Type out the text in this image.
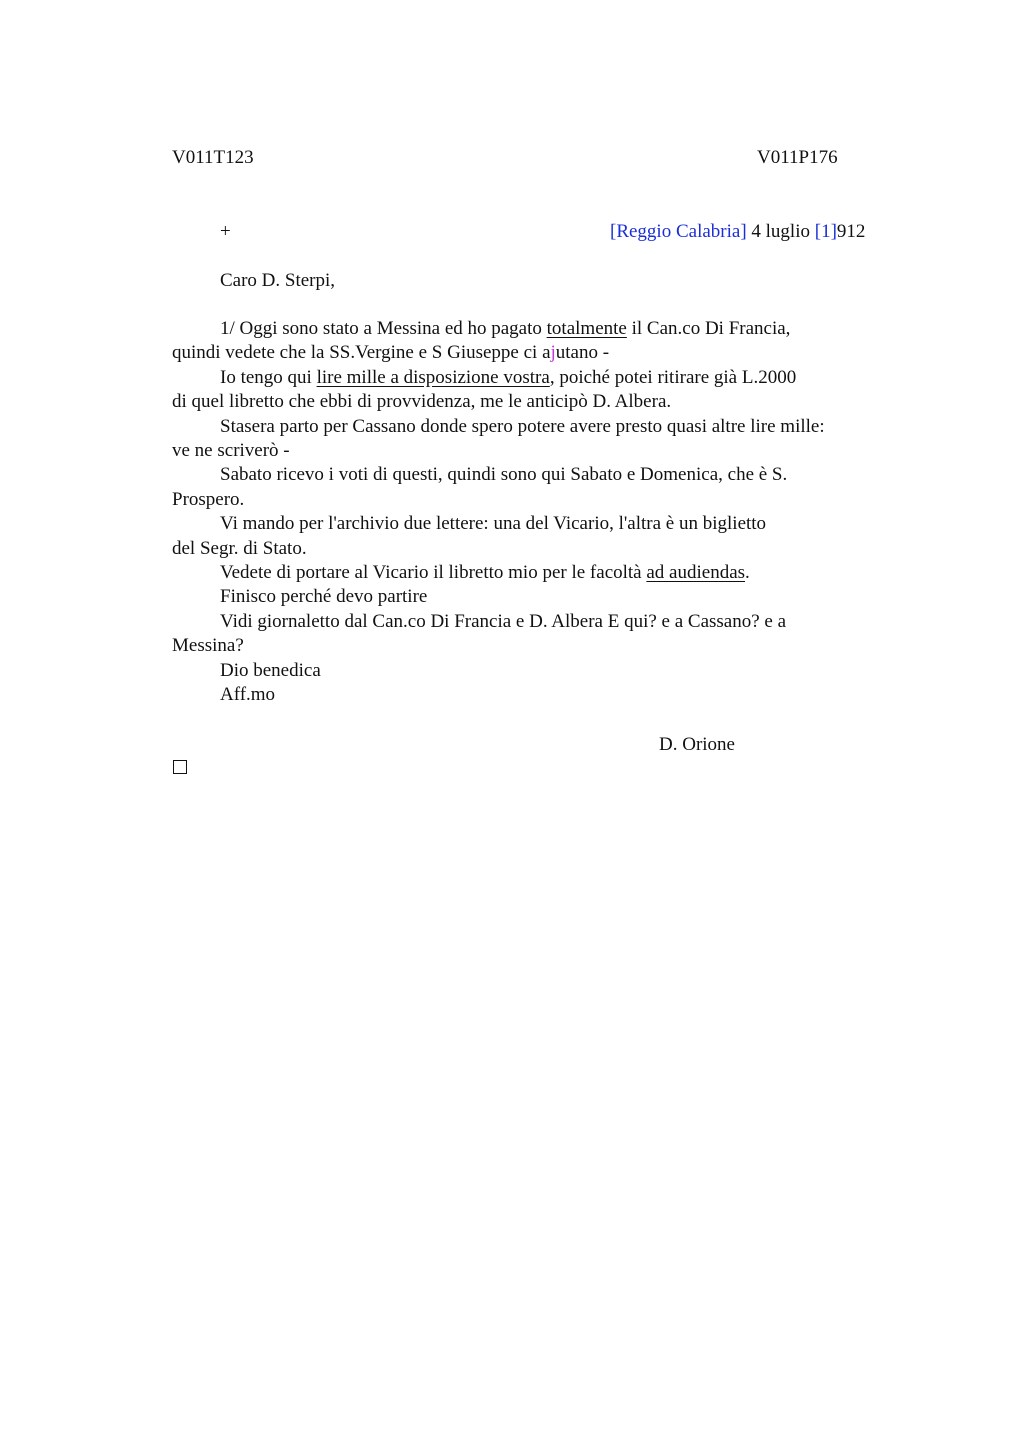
V011T123	V011P176
+	[Reggio Calabria] 4 luglio [1]912
Caro D. Sterpi,
1/ Oggi sono stato a Messina ed ho pagato totalmente il Can.co Di Francia,
quindi vedete che la SS.Vergine e S Giuseppe ci ajutano -
Io tengo qui lire mille a disposizione vostra, poiché potei ritirare già L.2000
di quel libretto che ebbi di provvidenza, me le anticipò D. Albera.
Stasera parto per Cassano donde spero potere avere presto quasi altre lire mille:
ve ne scriverò -
Sabato ricevo i voti di questi, quindi sono qui Sabato e Domenica, che è S.
Prospero.
Vi mando per l'archivio due lettere: una del Vicario, l'altra è un biglietto
del Segr. di Stato.
Vedete di portare al Vicario il libretto mio per le facoltà ad audiendas.
Finisco perché devo partire
Vidi giornaletto dal Can.co Di Francia e D. Albera E qui? e a Cassano? e a
Messina?
Dio benedica
Aff.mo
D. Orione
